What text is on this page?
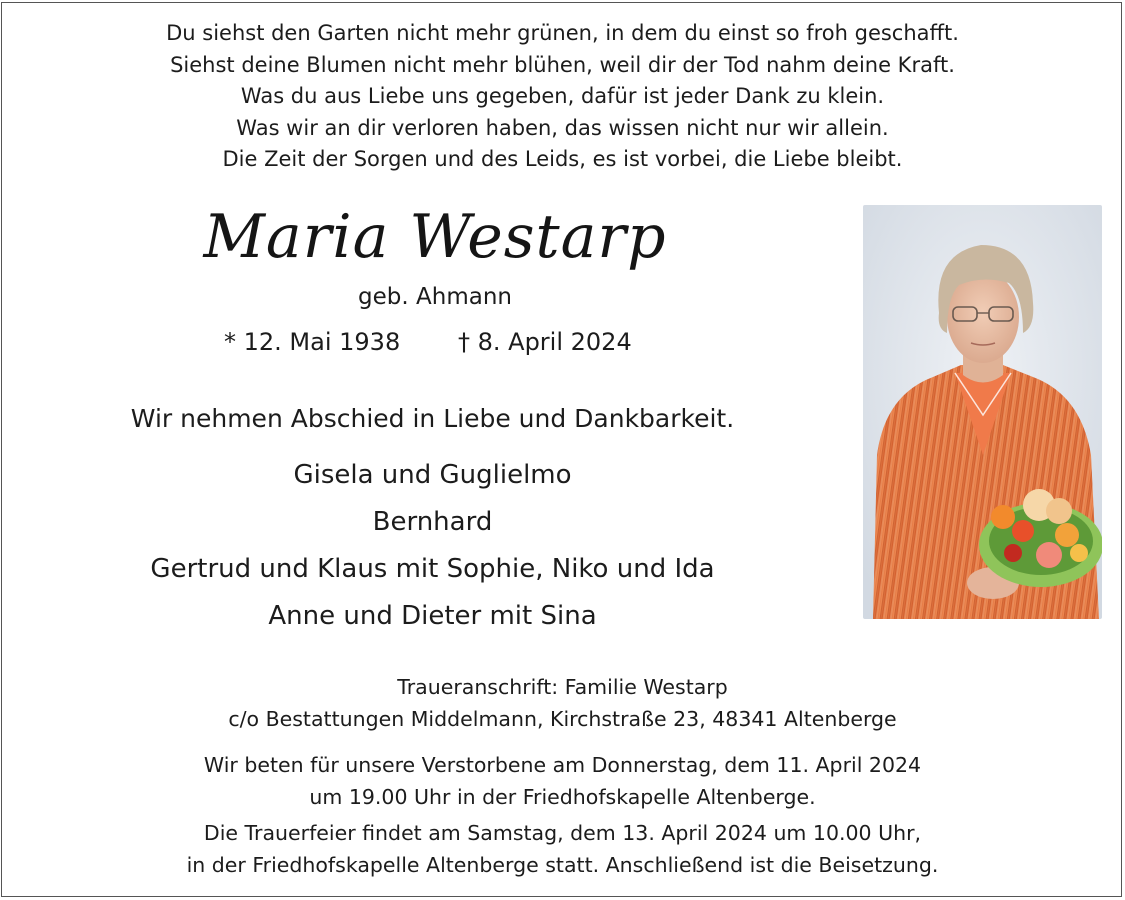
Du siehst den Garten nicht mehr grünen, in dem du einst so froh geschafft.
Siehst deine Blumen nicht mehr blühen, weil dir der Tod nahm deine Kraft.
Was du aus Liebe uns gegeben, dafür ist jeder Dank zu klein.
Was wir an dir verloren haben, das wissen nicht nur wir allein.
Die Zeit der Sorgen und des Leids, es ist vorbei, die Liebe bleibt.
Maria Westarp
geb. Ahmann
* 12. Mai 1938 † 8. April 2024
Wir nehmen Abschied in Liebe und Dankbarkeit.
Gisela und Guglielmo
Bernhard
Gertrud und Klaus mit Sophie, Niko und Ida
Anne und Dieter mit Sina
Traueranschrift: Familie Westarp
c/o Bestattungen Middelmann, Kirchstraße 23, 48341 Altenberge
Wir beten für unsere Verstorbene am Donnerstag, dem 11. April 2024
um 19.00 Uhr in der Friedhofskapelle Altenberge.
Die Trauerfeier findet am Samstag, dem 13. April 2024 um 10.00 Uhr,
in der Friedhofskapelle Altenberge statt. Anschließend ist die Beisetzung.
